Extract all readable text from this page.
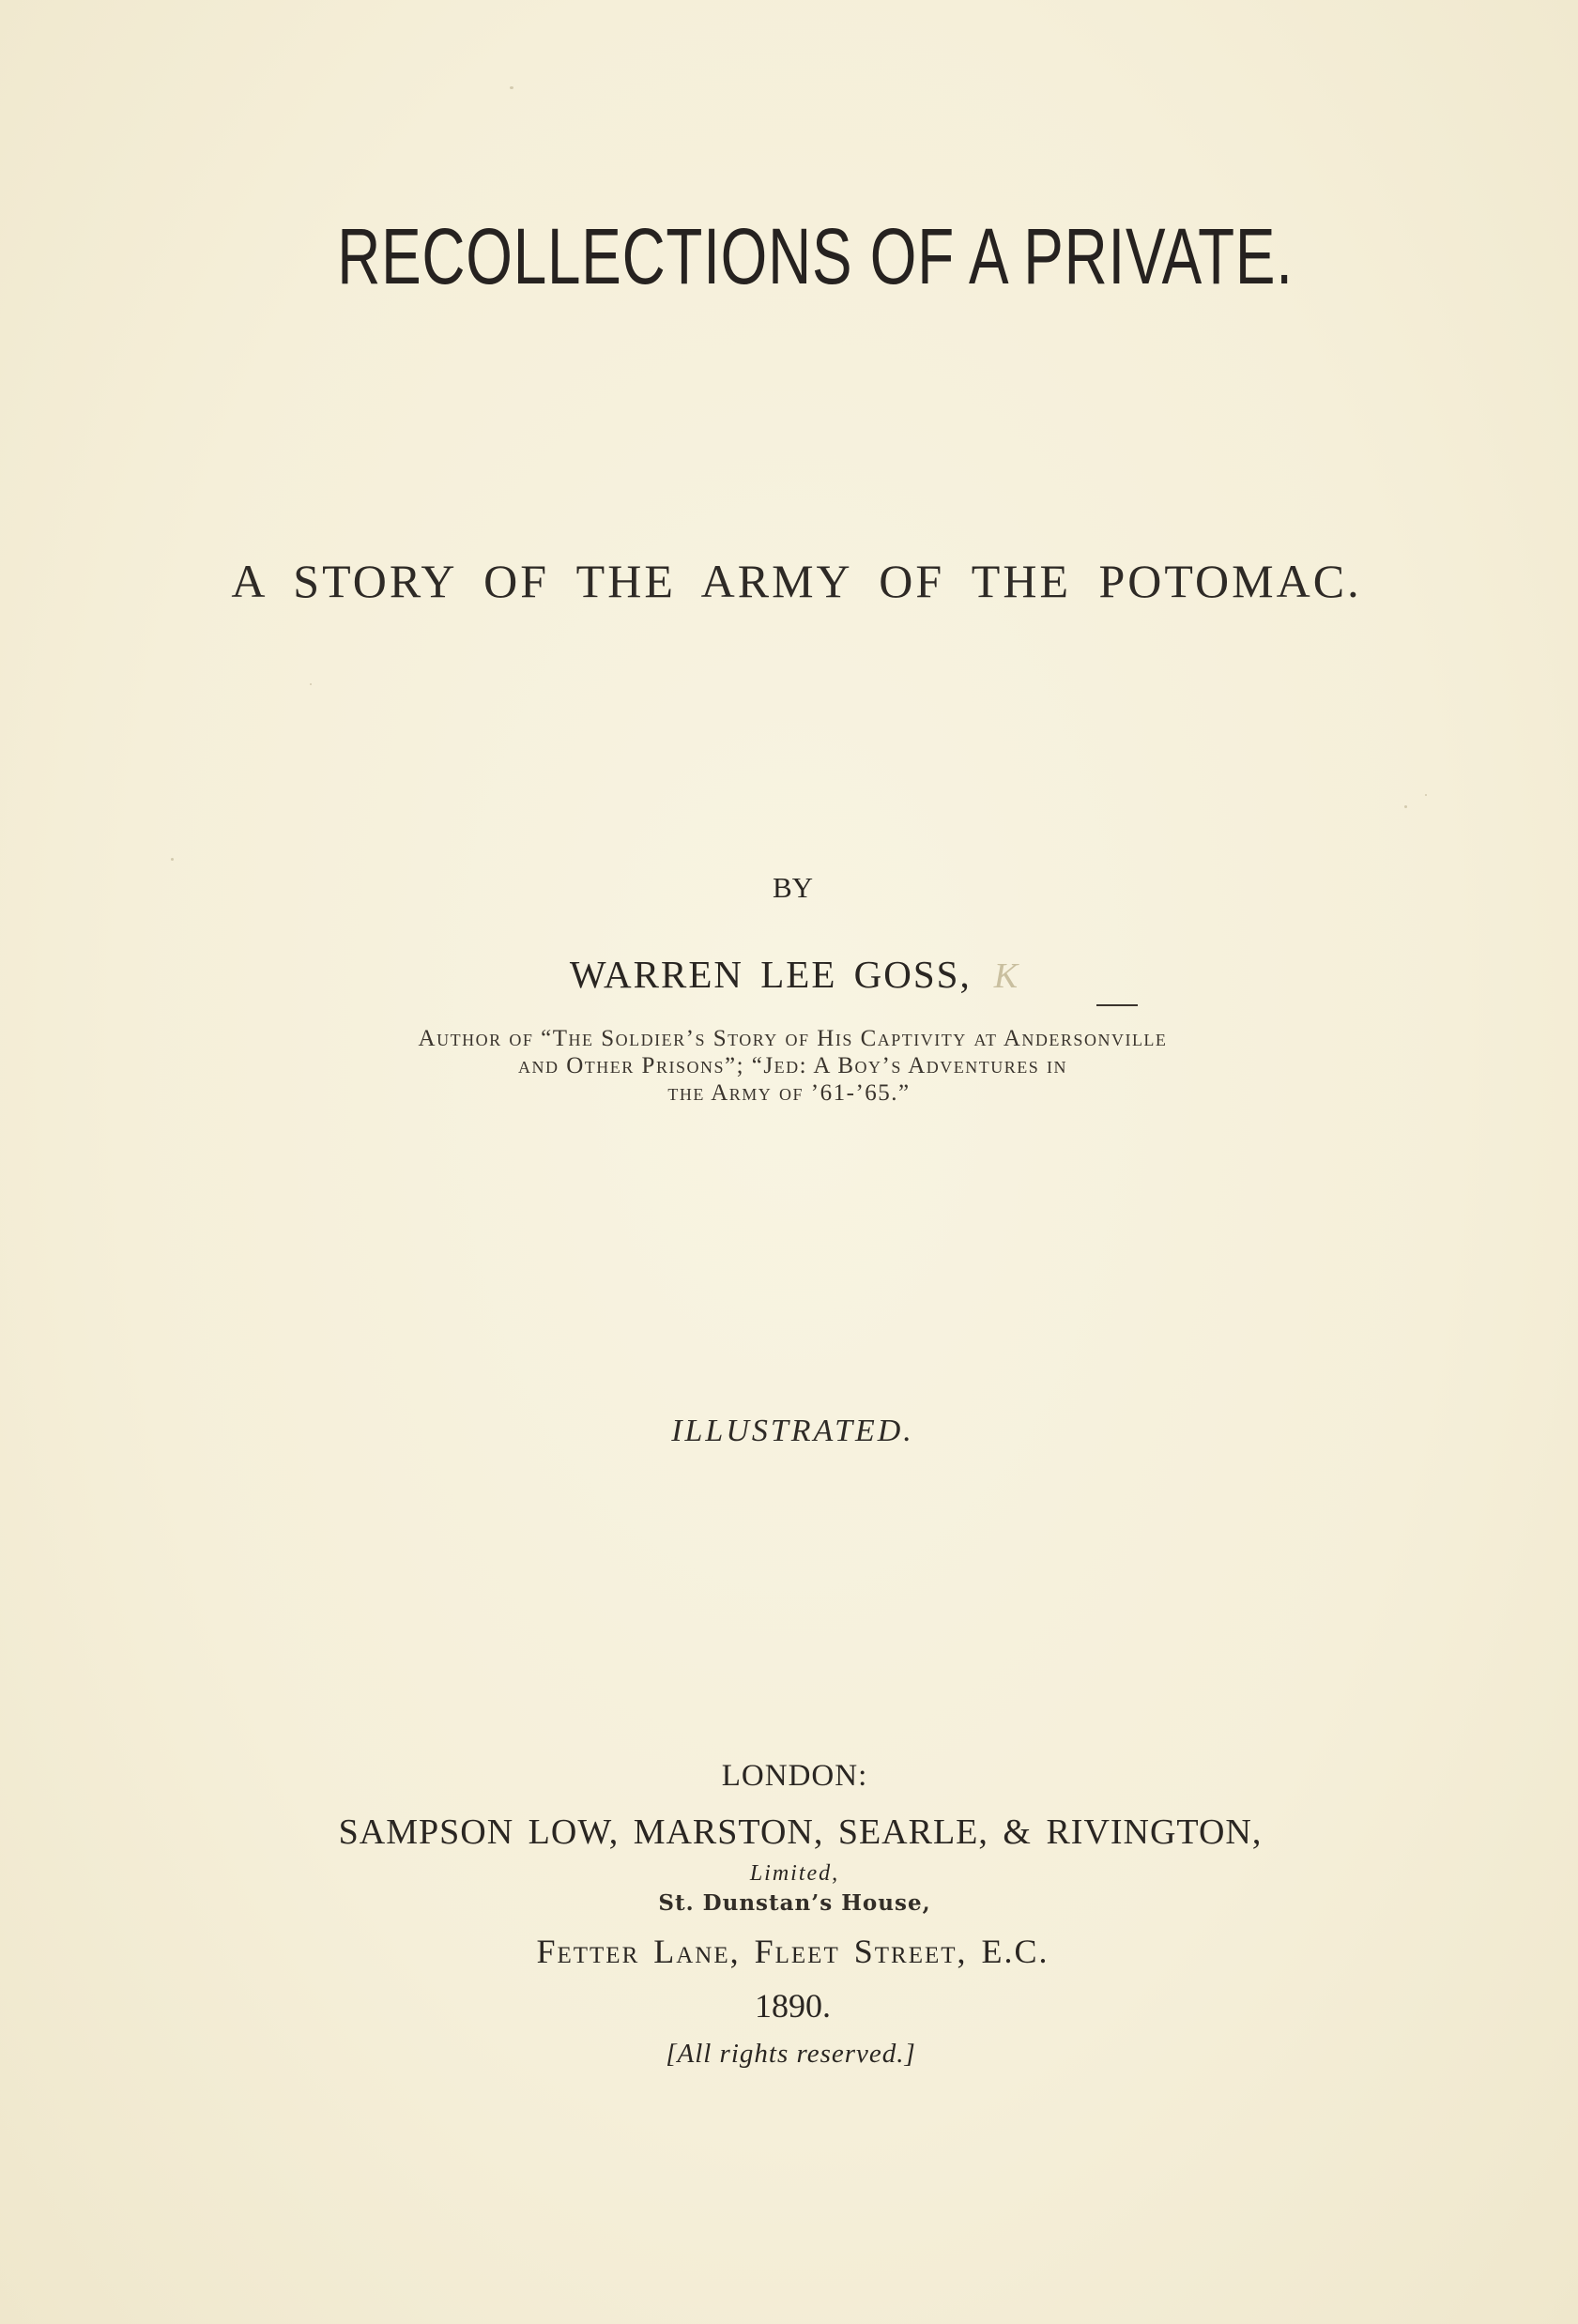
RECOLLECTIONS OF A PRIVATE.
A STORY OF THE ARMY OF THE POTOMAC.
BY
WARREN LEE GOSS, K
Author of “The Soldier’s Story of His Captivity at Andersonville
and Other Prisons”; “Jed: A Boy’s Adventures in
the Army of ’61-’65.”
ILLUSTRATED.
LONDON:
SAMPSON LOW, MARSTON, SEARLE, & RIVINGTON,
Limited,
St. Dunstan’s House,
Fetter Lane, Fleet Street, E.C.
1890.
[All rights reserved.]
